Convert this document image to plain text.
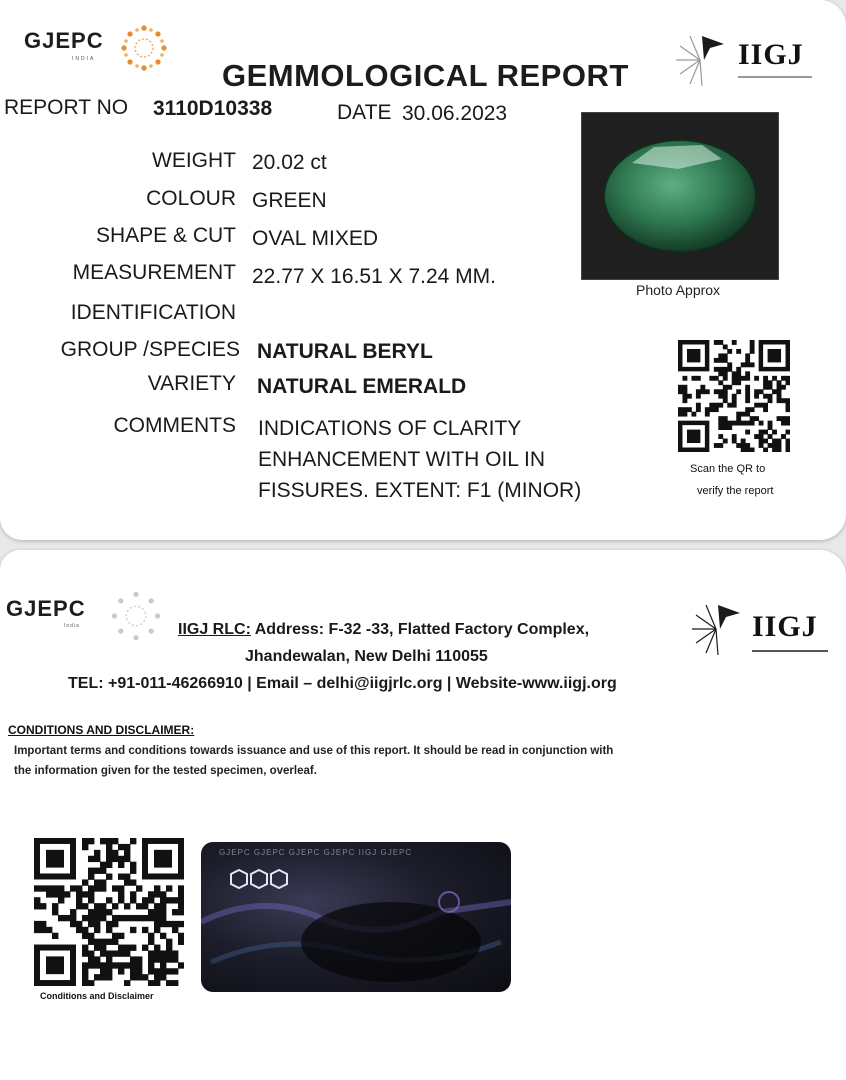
GJEPC
INDIA	IIGJ
GEMMOLOGICAL REPORT
REPORT NO 3110D10338	DATE 30.06.2023
WEIGHT 20.02 ct
COLOUR GREEN
SHAPE & CUT OVAL MIXED
MEASUREMENT 22.77 X 16.51 X 7.24 MM.
IDENTIFICATION
GROUP /SPECIES NATURAL BERYL
VARIETY NATURAL EMERALD
COMMENTS INDICATIONS OF CLARITY
ENHANCEMENT WITH OIL IN
FISSURES. EXTENT: F1 (MINOR)
Photo Approx
Scan the QR to
verify the report
GJEPC
India	IIGJ
IIGJ RLC: Address: F-32 -33, Flatted Factory Complex,
Jhandewalan, New Delhi 110055
TEL: +91-011-46266910 | Email – delhi@iigjrlc.org | Website-www.iigj.org
CONDITIONS AND DISCLAIMER:
Important terms and conditions towards issuance and use of this report. It should be read in conjunction with
the information given for the tested specimen, overleaf.
Conditions and Disclaimer
GJEPC GJEPC GJEPC GJEPC IIGJ GJEPC
